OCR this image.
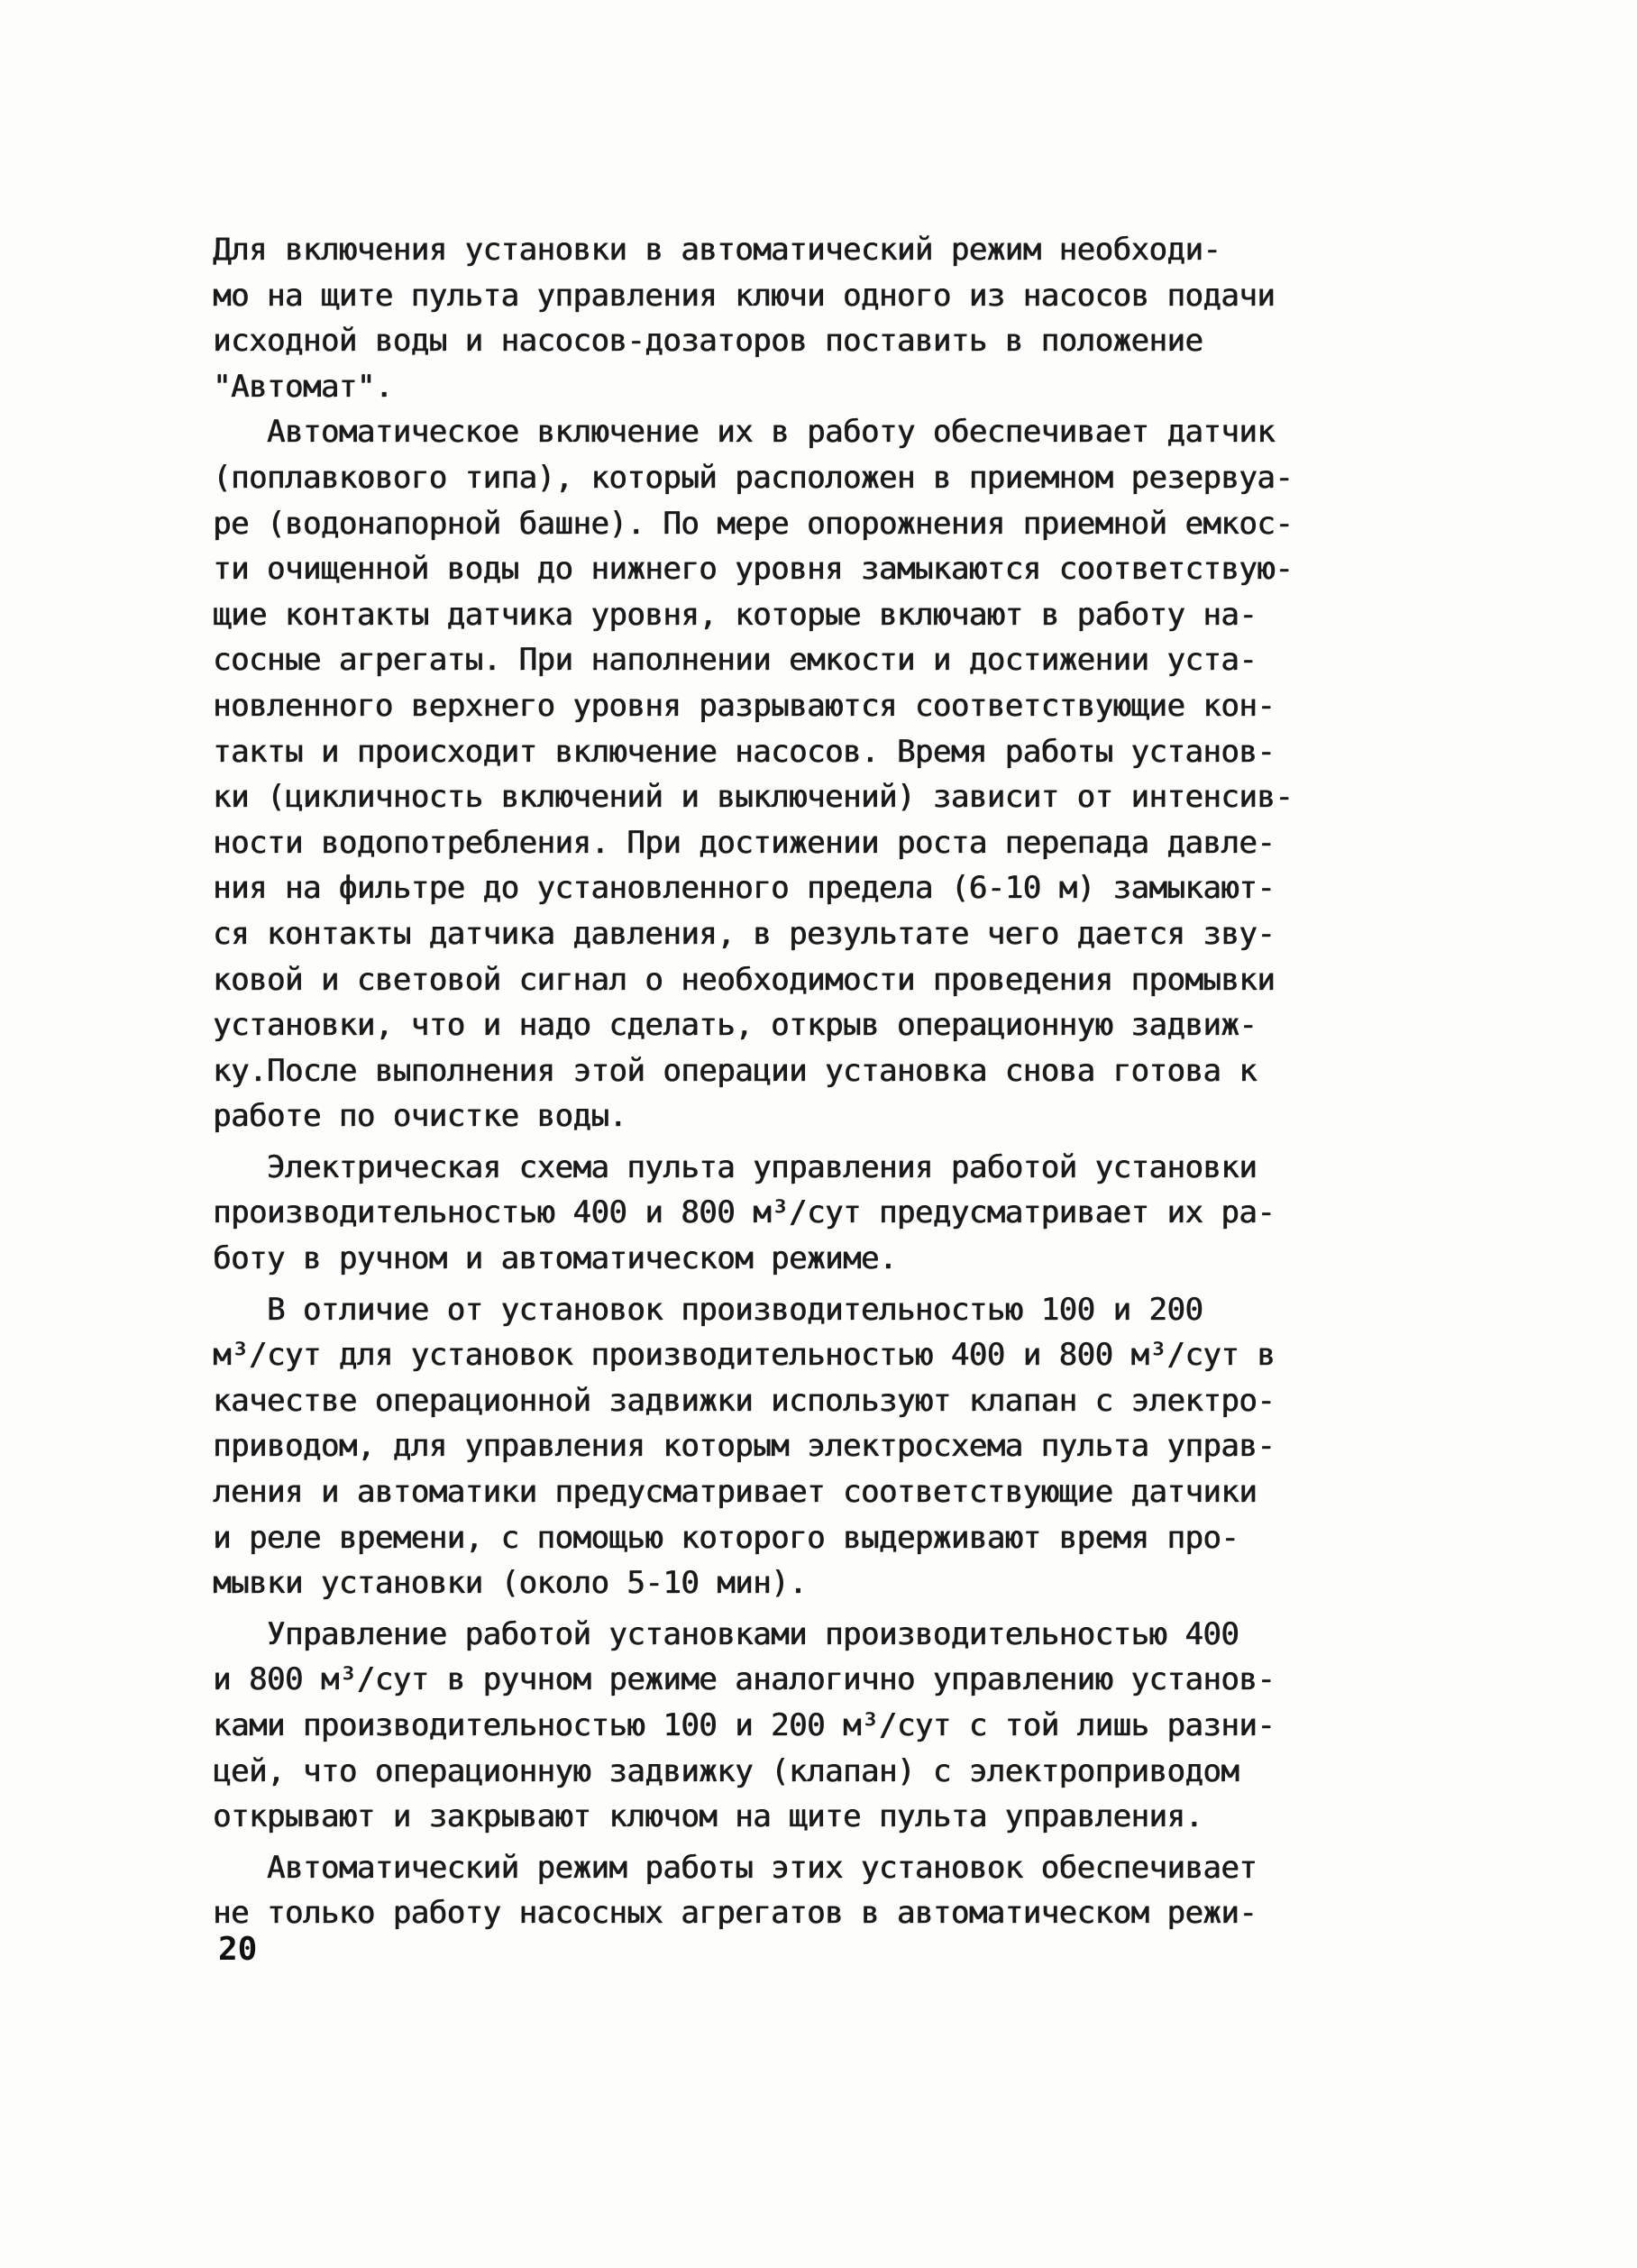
Для включения установки в автоматический режим необходи-
мо на щите пульта управления ключи одного из насосов подачи
исходной воды и насосов-дозаторов поставить в положение
"Автомат".
Автоматическое включение их в работу обеспечивает датчик
(поплавкового типа), который расположен в приемном резервуа-
ре (водонапорной башне). По мере опорожнения приемной емкос-
ти очищенной воды до нижнего уровня замыкаются соответствую-
щие контакты датчика уровня, которые включают в работу на-
сосные агрегаты. При наполнении емкости и достижении уста-
новленного верхнего уровня разрываются соответствующие кон-
такты и происходит включение насосов. Время работы установ-
ки (цикличность включений и выключений) зависит от интенсив-
ности водопотребления. При достижении роста перепада давле-
ния на фильтре до установленного предела (6-10 м) замыкают-
ся контакты датчика давления, в результате чего дается зву-
ковой и световой сигнал о необходимости проведения промывки
установки, что и надо сделать, открыв операционную задвиж-
ку.После выполнения этой операции установка снова готова к
работе по очистке воды.
Электрическая схема пульта управления работой установки
производительностью 400 и 800 м³/сут предусматривает их ра-
боту в ручном и автоматическом режиме.
В отличие от установок производительностью 100 и 200
м³/сут для установок производительностью 400 и 800 м³/сут в
качестве операционной задвижки используют клапан с электро-
приводом, для управления которым электросхема пульта управ-
ления и автоматики предусматривает соответствующие датчики
и реле времени, с помощью которого выдерживают время про-
мывки установки (около 5-10 мин).
Управление работой установками производительностью 400
и 800 м³/сут в ручном режиме аналогично управлению установ-
ками производительностью 100 и 200 м³/сут с той лишь разни-
цей, что операционную задвижку (клапан) с электроприводом
открывают и закрывают ключом на щите пульта управления.
Автоматический режим работы этих установок обеспечивает
не только работу насосных агрегатов в автоматическом режи-
20
